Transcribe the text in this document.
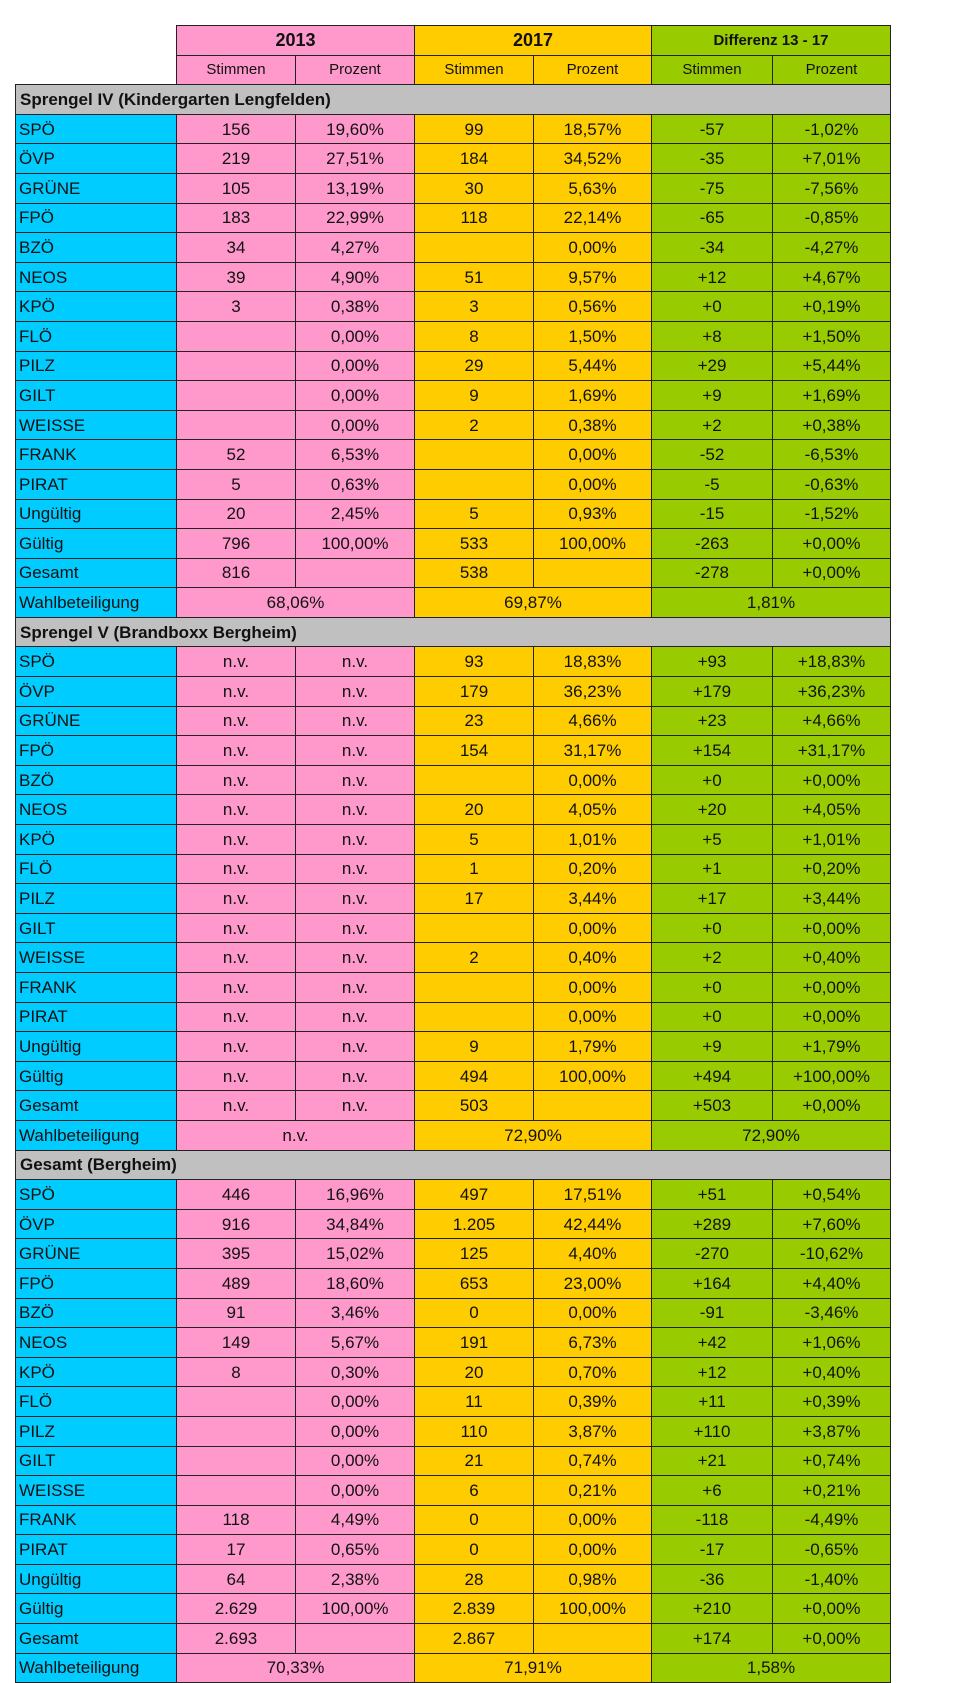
	2013		2017		Differenz 13 - 17	
	Stimmen	Prozent	Stimmen	Prozent	Stimmen	Prozent
Sprengel IV (Kindergarten Lengfelden)						
SPÖ	156	19,60%	99	18,57%	-57	-1,02%
ÖVP	219	27,51%	184	34,52%	-35	+7,01%
GRÜNE	105	13,19%	30	5,63%	-75	-7,56%
FPÖ	183	22,99%	118	22,14%	-65	-0,85%
BZÖ	34	4,27%		0,00%	-34	-4,27%
NEOS	39	4,90%	51	9,57%	+12	+4,67%
KPÖ	3	0,38%	3	0,56%	+0	+0,19%
FLÖ		0,00%	8	1,50%	+8	+1,50%
PILZ		0,00%	29	5,44%	+29	+5,44%
GILT		0,00%	9	1,69%	+9	+1,69%
WEISSE		0,00%	2	0,38%	+2	+0,38%
FRANK	52	6,53%		0,00%	-52	-6,53%
PIRAT	5	0,63%		0,00%	-5	-0,63%
Ungültig	20	2,45%	5	0,93%	-15	-1,52%
Gültig	796	100,00%	533	100,00%	-263	+0,00%
Gesamt	816		538		-278	+0,00%
Wahlbeteiligung	68,06%		69,87%		1,81%	
Sprengel V (Brandboxx Bergheim)						
SPÖ	n.v.	n.v.	93	18,83%	+93	+18,83%
ÖVP	n.v.	n.v.	179	36,23%	+179	+36,23%
GRÜNE	n.v.	n.v.	23	4,66%	+23	+4,66%
FPÖ	n.v.	n.v.	154	31,17%	+154	+31,17%
BZÖ	n.v.	n.v.		0,00%	+0	+0,00%
NEOS	n.v.	n.v.	20	4,05%	+20	+4,05%
KPÖ	n.v.	n.v.	5	1,01%	+5	+1,01%
FLÖ	n.v.	n.v.	1	0,20%	+1	+0,20%
PILZ	n.v.	n.v.	17	3,44%	+17	+3,44%
GILT	n.v.	n.v.		0,00%	+0	+0,00%
WEISSE	n.v.	n.v.	2	0,40%	+2	+0,40%
FRANK	n.v.	n.v.		0,00%	+0	+0,00%
PIRAT	n.v.	n.v.		0,00%	+0	+0,00%
Ungültig	n.v.	n.v.	9	1,79%	+9	+1,79%
Gültig	n.v.	n.v.	494	100,00%	+494	+100,00%
Gesamt	n.v.	n.v.	503		+503	+0,00%
Wahlbeteiligung	n.v.		72,90%		72,90%	
Gesamt (Bergheim)						
SPÖ	446	16,96%	497	17,51%	+51	+0,54%
ÖVP	916	34,84%	1.205	42,44%	+289	+7,60%
GRÜNE	395	15,02%	125	4,40%	-270	-10,62%
FPÖ	489	18,60%	653	23,00%	+164	+4,40%
BZÖ	91	3,46%	0	0,00%	-91	-3,46%
NEOS	149	5,67%	191	6,73%	+42	+1,06%
KPÖ	8	0,30%	20	0,70%	+12	+0,40%
FLÖ		0,00%	11	0,39%	+11	+0,39%
PILZ		0,00%	110	3,87%	+110	+3,87%
GILT		0,00%	21	0,74%	+21	+0,74%
WEISSE		0,00%	6	0,21%	+6	+0,21%
FRANK	118	4,49%	0	0,00%	-118	-4,49%
PIRAT	17	0,65%	0	0,00%	-17	-0,65%
Ungültig	64	2,38%	28	0,98%	-36	-1,40%
Gültig	2.629	100,00%	2.839	100,00%	+210	+0,00%
Gesamt	2.693		2.867		+174	+0,00%
Wahlbeteiligung	70,33%		71,91%		1,58%	
